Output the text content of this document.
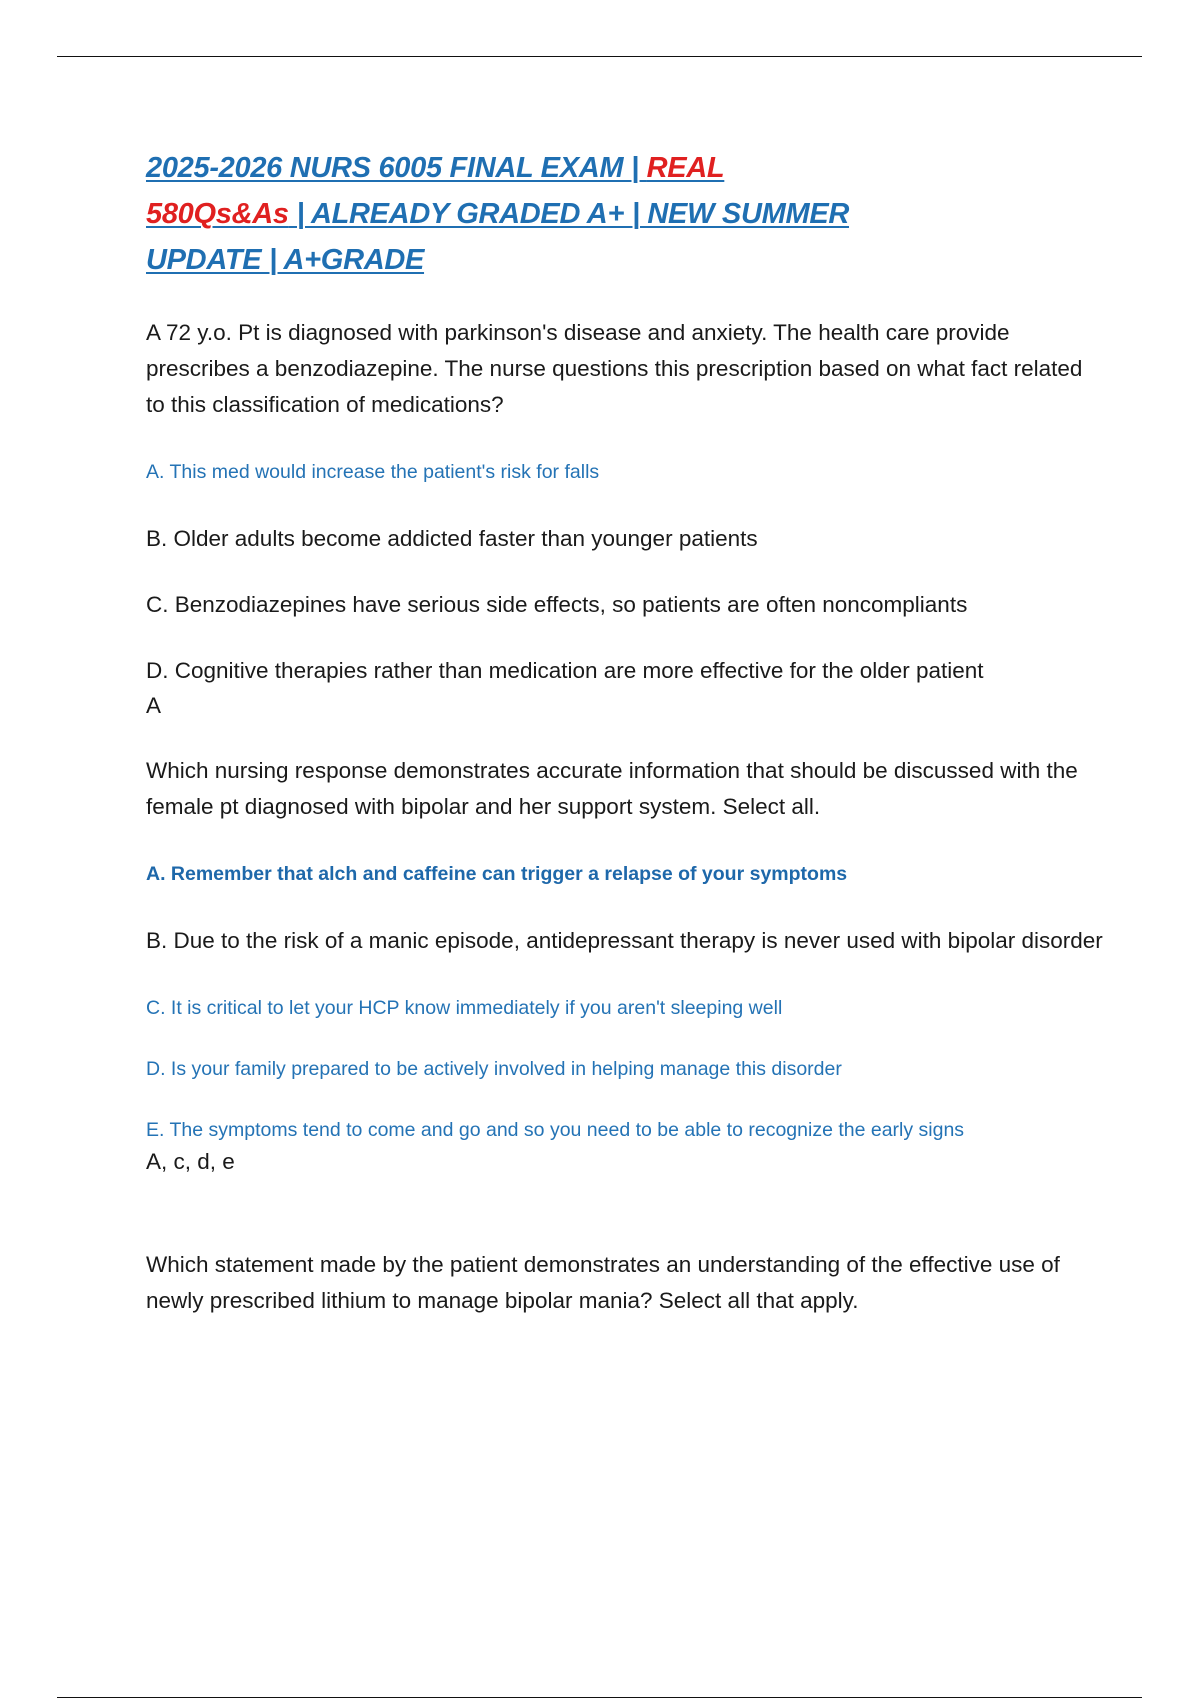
2025-2026 NURS 6005 FINAL EXAM | REAL
580Qs&As | ALREADY GRADED A+ | NEW SUMMER
UPDATE | A+GRADE

A 72 y.o. Pt is diagnosed with parkinson's disease and anxiety. The health care provide prescribes a benzodiazepine. The nurse questions this prescription based on what fact related to this classification of medications?

A. This med would increase the patient's risk for falls

B. Older adults become addicted faster than younger patients

C. Benzodiazepines have serious side effects, so patients are often noncompliants

D. Cognitive therapies rather than medication are more effective for the older patient

A

Which nursing response demonstrates accurate information that should be discussed with the female pt diagnosed with bipolar and her support system. Select all.

A. Remember that alch and caffeine can trigger a relapse of your symptoms

B. Due to the risk of a manic episode, antidepressant therapy is never used with bipolar disorder

C. It is critical to let your HCP know immediately if you aren't sleeping well

D. Is your family prepared to be actively involved in helping manage this disorder

E. The symptoms tend to come and go and so you need to be able to recognize the early signs

A, c, d, e

Which statement made by the patient demonstrates an understanding of the effective use of newly prescribed lithium to manage bipolar mania? Select all that apply.
